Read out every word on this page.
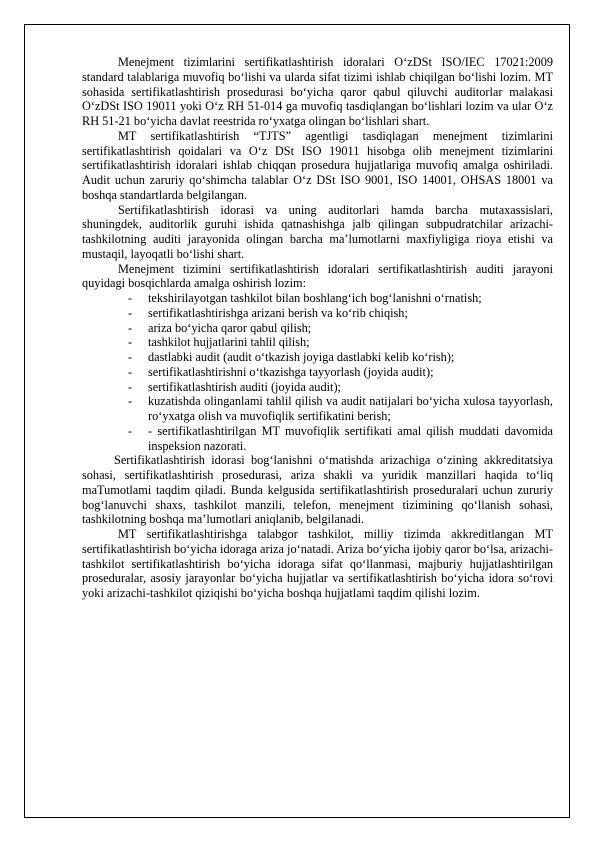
Menejment tizimlarini sertifikatlashtirish idoralari O‘zDSt ISO/IEC 17021:2009 standard talablariga muvofiq bo‘lishi va ularda sifat tizimi ishlab chiqilgan bo‘lishi lozim. MT sohasida sertifikatlashtirish prosedurasi bo‘yicha qaror qabul qiluvchi auditorlar malakasi O‘zDSt ISO 19011 yoki O‘z RH 51-014 ga muvofiq tasdiqlangan bo‘lishlari lozim va ular O‘z RH 51-21 bo‘yicha davlat reestrida ro‘yxatga olingan bo‘lishlari shart.

MT sertifikatlashtirish “TJTS” agentligi tasdiqlagan menejment tizimlarini sertifikatlashtirish qoidalari va O‘z DSt ISO 19011 hisobga olib menejment tizimlarini sertifikatlashtirish idoralari ishlab chiqqan prosedura hujjatlariga muvofiq amalga oshiriladi. Audit uchun zaruriy qo‘shimcha talablar O‘z DSt ISO 9001, ISO 14001, OHSAS 18001 va boshqa standartlarda belgilangan.

Sertifikatlashtirish idorasi va uning auditorlari hamda barcha mutaxassislari, shuningdek, auditorlik guruhi ishida qatnashishga jalb qilingan subpudratchilar arizachi-tashkilotning auditi jarayonida olingan barcha ma’lumotlarni maxfiyligiga rioya etishi va mustaqil, layoqatli bo‘lishi shart.

Menejment tizimini sertifikatlashtirish idoralari sertifikatlashtirish auditi jarayoni quyidagi bosqichlarda amalga oshirish lozim:

- tekshirilayotgan tashkilot bilan boshlang‘ich bog‘lanishni o‘rnatish;
- sertifikatlashtirishga arizani berish va ko‘rib chiqish;
- ariza bo‘yicha qaror qabul qilish;
- tashkilot hujjatlarini tahlil qilish;
- dastlabki audit (audit o‘tkazish joyiga dastlabki kelib ko‘rish);
- sertifikatlashtirishni o‘tkazishga tayyorlash (joyida audit);
- sertifikatlashtirish auditi (joyida audit);
- kuzatishda olinganlami tahlil qilish va audit natijalari bo‘yicha xulosa tayyorlash, ro‘yxatga olish va muvofiqlik sertifikatini berish;
- - sertifikatlashtirilgan MT muvofiqlik sertifikati amal qilish muddati davomida inspeksion nazorati.

Sertifikatlashtirish idorasi bog‘lanishni o‘matishda arizachiga o‘zining akkreditatsiya sohasi, sertifikatlashtirish prosedurasi, ariza shakli va yuridik manzillari haqida to‘liq maTumotlami taqdim qiladi. Bunda kelgusida sertifikatlashtirish proseduralari uchun zururiy bog‘lanuvchi shaxs, tashkilot manzili, telefon, menejment tizimining qo‘llanish sohasi, tashkilotning boshqa ma’lumotlari aniqlanib, belgilanadi.

MT sertifikatlashtirishga talabgor tashkilot, milliy tizimda akkreditlangan MT sertifikatlashtirish bo‘yicha idoraga ariza jo‘natadi. Ariza bo‘yicha ijobiy qaror bo‘lsa, arizachi-tashkilot sertifikatlashtirish bo‘yicha idoraga sifat qo‘llanmasi, majburiy hujjatlashtirilgan proseduralar, asosiy jarayonlar bo‘yicha hujjatlar va sertifikatlashtirish bo‘yicha idora so‘rovi yoki arizachi-tashkilot qiziqishi bo‘yicha boshqa hujjatlami taqdim qilishi lozim.
